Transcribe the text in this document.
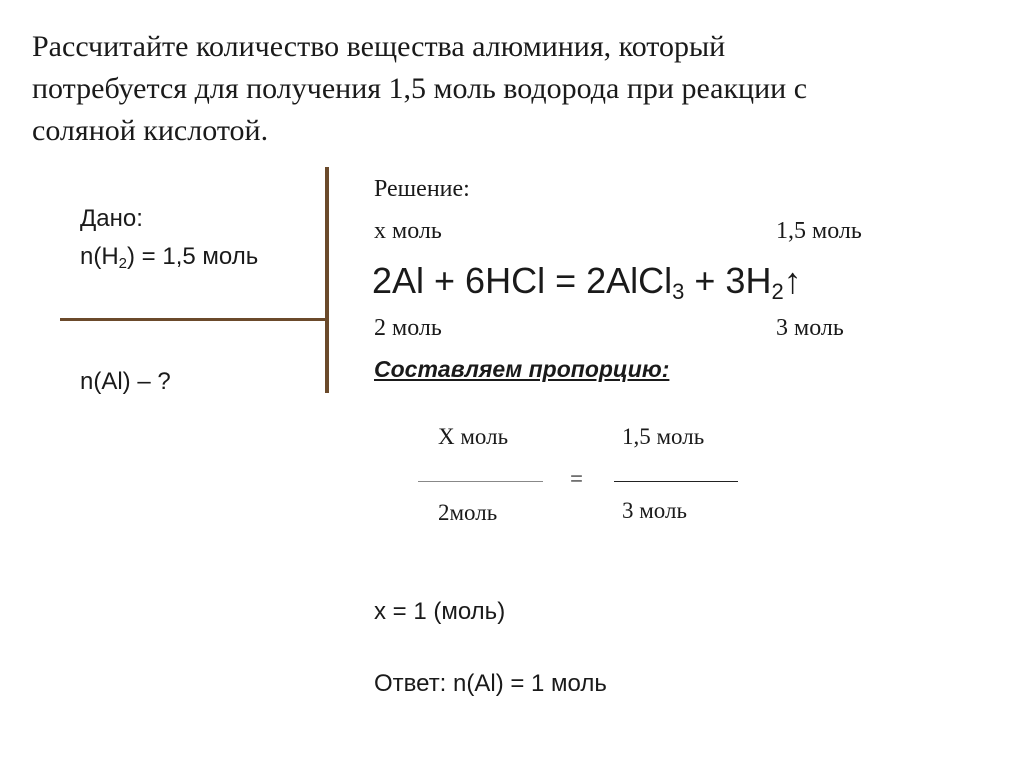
Рассчитайте количество вещества алюминия, который
потребуется для получения 1,5 моль водорода при реакции с
соляной кислотой.
Дано:
$n(H_2) = 1,5$ моль
n(Al) – ?
Решение:
x моль	1,5 моль
2Al + 6HCl = 2AlCl$_3$ + $3H_2↑$
2 моль	3 моль
Составляем пропорцию:
X моль
2моль
=
1,5 моль
3 моль
x = 1 (моль)
Ответ: n(Al) = 1 моль
